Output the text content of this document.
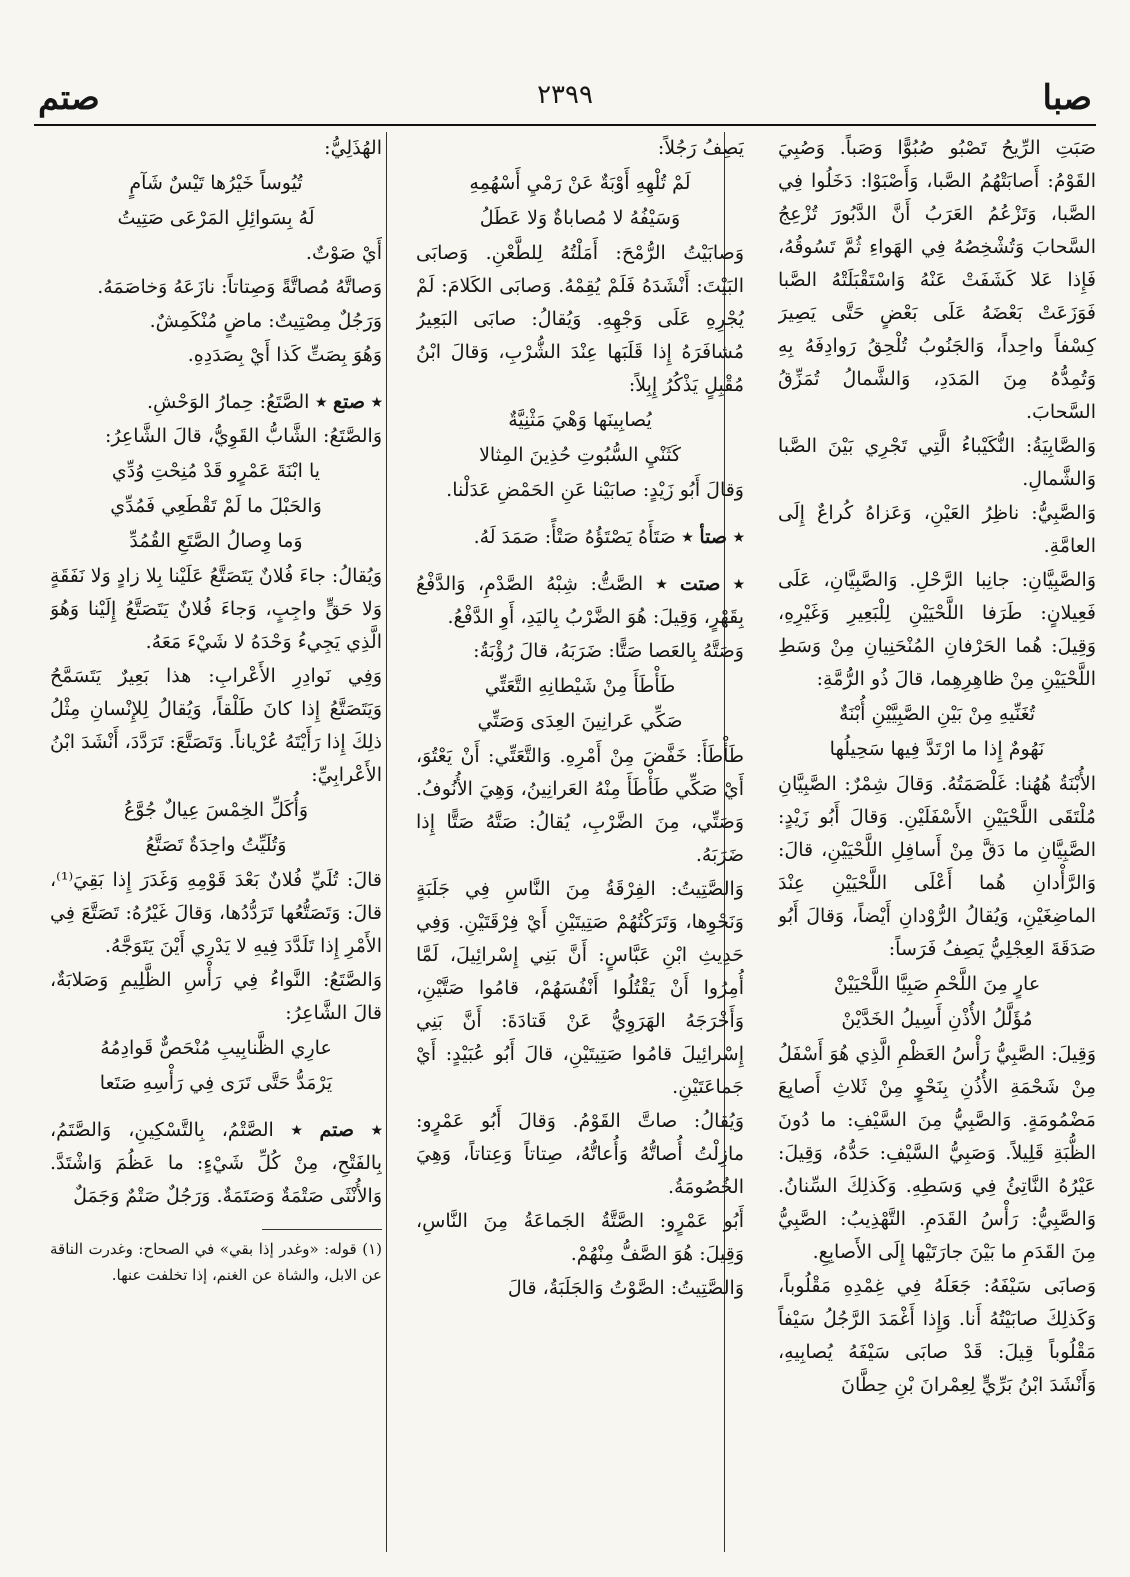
صبا
٢٣٩٩
صتم

صَبَتِ الرِّيحُ تَصْبُو صُبُوًّا وَصَباً. وَصُبِيَ القَوْمُ: أَصابَتْهُمُ الصَّبا، وَأَصْبَوْا: دَخَلُوا فِي الصَّبا، وَتَزْعُمُ العَرَبُ أَنَّ الدَّبُورَ تُزْعِجُ السَّحابَ وَتُشْخِصُهُ فِي الهَواءِ ثُمَّ تَسُوقُهُ، فَإِذا عَلا كَشَفَتْ عَنْهُ وَاسْتَقْبَلَتْهُ الصَّبا فَوَزَعَتْ بَعْضَهُ عَلَى بَعْضٍ حَتَّى يَصِيرَ كِسْفاً واحِداً، وَالجَنُوبُ تُلْحِقُ رَوادِفَهُ بِهِ وَتُمِدُّهُ مِنَ المَدَدِ، وَالشَّمالُ تُمَزِّقُ السَّحابَ.

وَالصَّابِيَةُ: النُّكَيْباءُ الَّتِي تَجْرِي بَيْنَ الصَّبا وَالشَّمالِ.

وَالصَّبِيُّ: ناظِرُ العَيْنِ، وَعَزاهُ كُراعٌ إِلَى العامَّةِ.

وَالصَّبِيَّانِ: جانِبا الرَّحْلِ. وَالصَّبِيَّانِ، عَلَى فَعِيلانٍ: طَرَفا اللَّحْيَيْنِ لِلْبَعِيرِ وَغَيْرِهِ، وَقِيلَ: هُما الحَرْفانِ المُنْحَنِيانِ مِنْ وَسَطِ اللَّحْيَيْنِ مِنْ ظاهِرِهِما، قالَ ذُو الرُّمَّةِ:

تُغَنِّيهِ مِنْ بَيْنِ الصَّبِيَّيْنِ أُبْنَةٌ

نَهُومٌ إِذا ما ارْتَدَّ فِيها سَحِيلُها

الأُبْنَةُ هُهُنا: غَلْصَمَتُهُ. وَقالَ شِمْرٌ: الصَّبِيَّانِ مُلْتَقَى اللَّحْيَيْنِ الأَسْفَلَيْنِ. وَقالَ أَبُو زَيْدٍ: الصَّبِيَّانِ ما دَقَّ مِنْ أَسافِلِ اللَّحْيَيْنِ، قالَ: وَالرَّأْدانِ هُما أَعْلَى اللَّحْيَيْنِ عِنْدَ الماضِغَيْنِ، وَيُقالُ الرُّوْدانِ أَيْضاً، وَقالَ أَبُو صَدَقَةَ العِجْلِيُّ يَصِفُ فَرَساً:

عارٍ مِنَ اللَّحْمِ صَبِيَّا اللَّحْيَيْنْ

مُؤَلَّلُ الأُذْنِ أَسِيلُ الخَدَّيْنْ

وَقِيلَ: الصَّبِيُّ رَأْسُ العَظْمِ الَّذِي هُوَ أَسْفَلُ مِنْ شَحْمَةِ الأُذُنِ بِنَحْوٍ مِنْ ثَلاثِ أَصابِعَ مَضْمُومَةٍ. وَالصَّبِيُّ مِنَ السَّيْفِ: ما دُونَ الظُّبَةِ قَلِيلاً. وَصَبِيُّ السَّيْفِ: حَدُّهُ، وَقِيلَ: عَيْرُهُ النَّاتِئُ فِي وَسَطِهِ. وَكَذلِكَ السِّنانُ. وَالصَّبِيُّ: رَأْسُ القَدَمِ. التَّهْذِيبُ: الصَّبِيُّ مِنَ القَدَمِ ما بَيْنَ جارَتَيْها إِلَى الأَصابِعِ.

وَصابَى سَيْفَهُ: جَعَلَهُ فِي غِمْدِهِ مَقْلُوباً، وَكَذلِكَ صابَيْتُهُ أَنا. وَإِذا أَغْمَدَ الرَّجُلُ سَيْفاً مَقْلُوباً قِيلَ: قَدْ صابَى سَيْفَهُ يُصابِيهِ، وَأَنْشَدَ ابْنُ بَرِّيٍّ لِعِمْرانَ بْنِ حِطَّانَ

يَصِفُ رَجُلاً:

لَمْ تُلْهِهِ أَوْبَةٌ عَنْ رَمْيِ أَسْهُمِهِ

وَسَيْفُهُ لا مُصاباةٌ وَلا عَطَلُ

وَصابَيْتُ الرُّمْحَ: أَمَلْتُهُ لِلطَّعْنِ. وَصابَى البَيْتَ: أَنْشَدَهُ فَلَمْ يُقِمْهُ. وَصابَى الكَلامَ: لَمْ يُجْرِهِ عَلَى وَجْهِهِ. وَيُقالُ: صابَى البَعِيرُ مُشافَرَهُ إِذا قَلَبَها عِنْدَ الشُّرْبِ، وَقالَ ابْنُ مُقْبِلٍ يَذْكُرُ إِبِلاً:

يُصابِينَها وَهْيَ مَثْنِيَّةٌ

كَثَنْيِ السُّبُوتِ حُذِينَ المِثالا

وَقالَ أَبُو زَيْدٍ: صابَيْنا عَنِ الحَمْضِ عَدَلْنا.

٭ صتأ ٭ صَتَأَهُ يَصْتَؤُهُ صَتْأً: صَمَدَ لَهُ.

٭ صتت ٭ الصَّتُّ: شِبْهُ الصَّدْمِ، وَالدَّفْعُ بِقَهْرٍ، وَقِيلَ: هُوَ الضَّرْبُ بِاليَدِ، أَوِ الدَّفْعُ.

وَصَتَّهُ بِالعَصا صَتًّا: ضَرَبَهُ، قالَ رُؤْبَةُ:

طَأْطَأَ مِنْ شَيْطانِهِ التَّعَتِّي

صَكِّي عَرانِينَ العِدَى وَصَتِّي

طَأْطَأَ: خَفَّضَ مِنْ أَمْرِهِ. وَالتَّعَتِّي: أَنْ يَعْتُوَ، أَيْ صَكِّي طَأْطَأَ مِنْهُ العَرانِينُ، وَهِيَ الأُنُوفُ. وَصَتِّي، مِنَ الضَّرْبِ، يُقالُ: صَتَّهُ صَتًّا إِذا ضَرَبَهُ.

وَالصَّتِيتُ: الفِرْقَةُ مِنَ النَّاسِ فِي جَلَبَةٍ وَنَحْوِها، وَتَرَكْتُهُمْ صَتِيتَيْنِ أَيْ فِرْقَتَيْنِ. وَفِي حَدِيثِ ابْنِ عَبَّاسٍ: أَنَّ بَنِي إِسْرائِيلَ، لَمَّا أُمِرُوا أَنْ يَقْتُلُوا أَنْفُسَهُمْ، قامُوا صَتَّيْنِ، وَأَخْرَجَهُ الهَرَوِيُّ عَنْ قَتادَةَ: أَنَّ بَنِي إِسْرائِيلَ قامُوا صَتِيتَيْنِ، قالَ أَبُو عُبَيْدٍ: أَيْ جَماعَتَيْنِ.

وَيُقالُ: صاتَّ القَوْمُ. وَقالَ أَبُو عَمْرٍو: مازِلْتُ أُصاتُّهُ وَأُعاتُّهُ، صِتاتاً وَعِتاتاً، وَهِيَ الخُصُومَةُ.

أَبُو عَمْرٍو: الصَّتَّةُ الجَماعَةُ مِنَ النَّاسِ، وَقِيلَ: هُوَ الصَّفُّ مِنْهُمْ.

وَالصَّتِيتُ: الصَّوْتُ وَالجَلَبَةُ، قالَ

الهُذَلِيُّ:

تُيُوساً خَيْرُها تَيْسٌ شَآمٍ

لَهُ بِسَوائِلِ المَرْعَى صَتِيتُ

أَيْ صَوْتٌ.

وَصاتَّهُ مُصاتَّةً وَصِتاتاً: نازَعَهُ وَخاصَمَهُ.

وَرَجُلٌ مِصْتِيتٌ: ماضٍ مُنْكَمِشٌ.

وَهُوَ بِصَتِّ كَذا أَيْ بِصَدَدِهِ.

٭ صتع ٭ الصَّتَعُ: حِمارُ الوَحْشِ.

وَالصَّتَعُ: الشَّابُّ القَوِيُّ، قالَ الشَّاعِرُ:

يا ابْنَةَ عَمْرٍو قَدْ مُنِحْتِ وُدِّي

وَالحَبْلَ ما لَمْ تَقْطَعِي فَمُدِّي

وَما وِصالُ الصَّتَعِ القُمُدِّ

وَيُقالُ: جاءَ فُلانٌ يَتَصَتَّعُ عَلَيْنا بِلا زادٍ وَلا نَفَقَةٍ وَلا حَقٍّ واجِبٍ، وَجاءَ فُلانٌ يَتَصَتَّعُ إِلَيْنا وَهُوَ الَّذِي يَجِيءُ وَحْدَهُ لا شَيْءَ مَعَهُ.

وَفِي نَوادِرِ الأَعْرابِ: هذا بَعِيرٌ يَتَسَمَّحُ وَيَتَصَتَّعُ إِذا كانَ طَلْقاً، وَيُقالُ لِلإِنْسانِ مِثْلُ ذلِكَ إِذا رَأَيْتَهُ عُرْياناً. وَتَصَتَّعَ: تَرَدَّدَ، أَنْشَدَ ابْنُ الأَعْرابِيِّ:

وَأُكَلِّ الخِمْسَ عِيالٌ جُوَّعُ

وَتُلَيِّتُ واحِدَةٌ تَصَتَّعُ

قالَ: تُلَيِّ فُلانٌ بَعْدَ قَوْمِهِ وَغَدَرَ إِذا بَقِيَ⁽¹⁾، قالَ: وَتَصَتُّعُها تَرَدُّدُها، وَقالَ غَيْرُهُ: تَصَتَّعَ فِي الأَمْرِ إِذا تَلَدَّدَ فِيهِ لا يَدْرِي أَيْنَ يَتَوَجَّهُ.

وَالصَّتَعُ: النَّواءُ فِي رَأْسِ الظَّلِيمِ وَصَلابَةٌ، قالَ الشَّاعِرُ:

عارِي الظَّنابِيبِ مُنْحَصٌّ قَوادِمُهُ

يَرْمَدُّ حَتَّى تَرَى فِي رَأْسِهِ صَتَعا

٭ صتم ٭ الصَّتْمُ، بِالتَّسْكِينِ، وَالصَّتَمُ، بِالفَتْحِ، مِنْ كُلِّ شَيْءٍ: ما عَظُمَ وَاشْتَدَّ. وَالأُنْثَى صَتْمَةٌ وَصَتَمَةٌ. وَرَجُلٌ صَتْمٌ وَجَمَلٌ

(١) قوله: «وغدر إذا بقي» في الصحاح: وغدرت الناقة عن الابل، والشاة عن الغنم، إذا تخلفت عنها.
